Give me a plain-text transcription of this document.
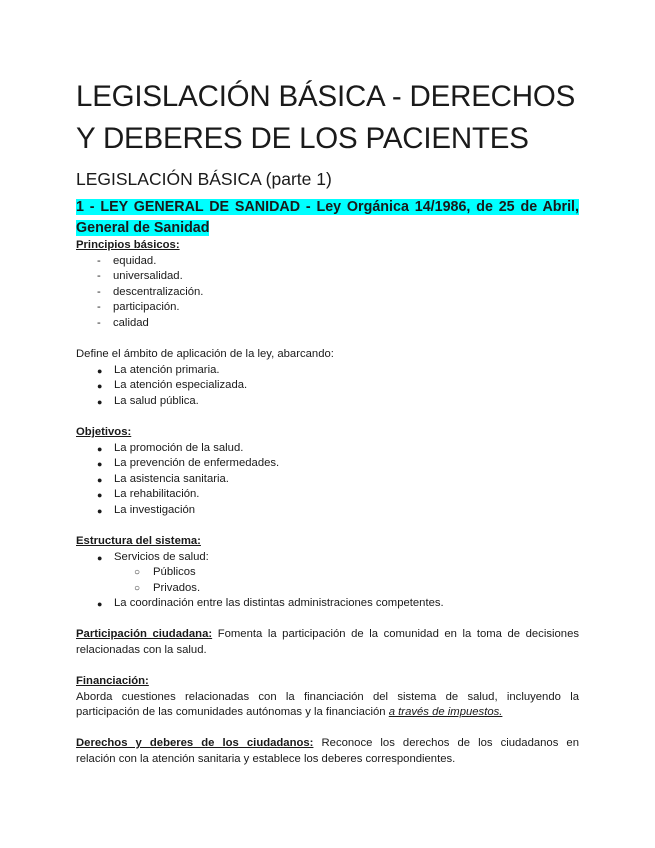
LEGISLACIÓN BÁSICA - DERECHOS Y DEBERES DE LOS PACIENTES
LEGISLACIÓN BÁSICA (parte 1)
1 - LEY GENERAL DE SANIDAD - Ley Orgánica 14/1986, de 25 de Abril, General de Sanidad
Principios básicos:
- equidad.
- universalidad.
- descentralización.
- participación.
- calidad
Define el ámbito de aplicación de la ley, abarcando:
● La atención primaria.
● La atención especializada.
● La salud pública.
Objetivos:
● La promoción de la salud.
● La prevención de enfermedades.
● La asistencia sanitaria.
● La rehabilitación.
● La investigación
Estructura del sistema:
● Servicios de salud:
○ Públicos
○ Privados.
● La coordinación entre las distintas administraciones competentes.
Participación ciudadana: Fomenta la participación de la comunidad en la toma de decisiones relacionadas con la salud.
Financiación:
Aborda cuestiones relacionadas con la financiación del sistema de salud, incluyendo la
participación de las comunidades autónomas y la financiación a través de impuestos.
Derechos y deberes de los ciudadanos: Reconoce los derechos de los ciudadanos en
relación con la atención sanitaria y establece los deberes correspondientes.
